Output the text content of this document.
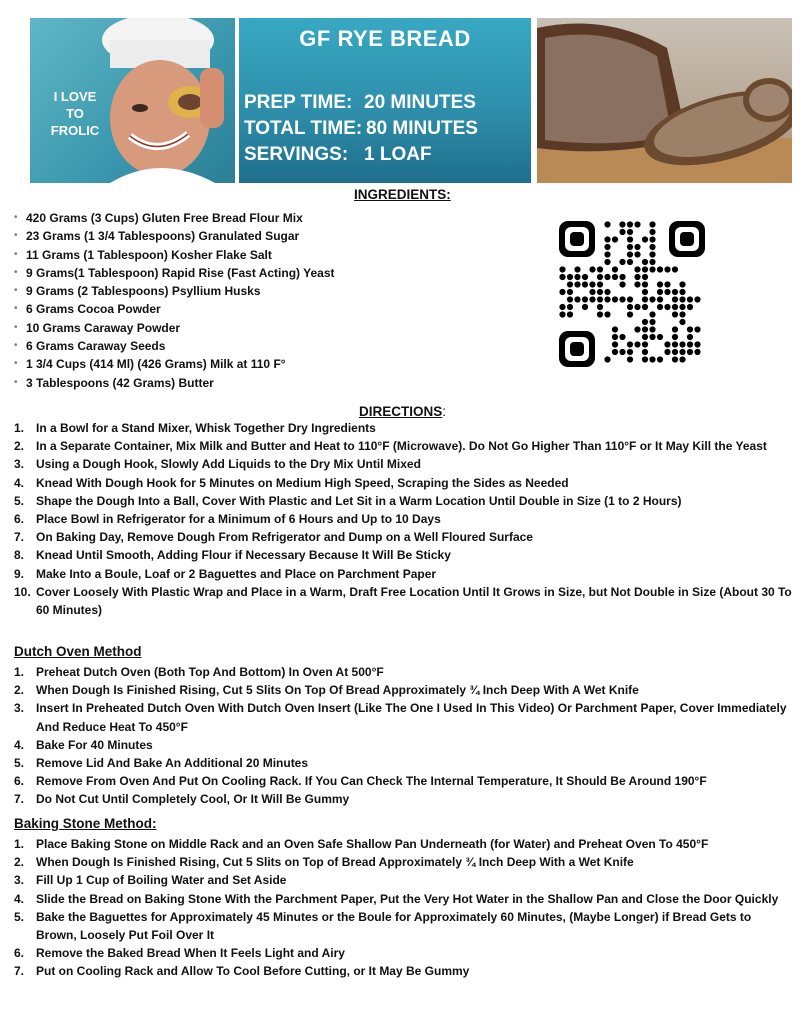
I LOVE
TO
FROLIC
GF RYE BREAD
PREP TIME: 20 MINUTES
TOTAL TIME: 80 MINUTES
SERVINGS: 1 LOAF
INGREDIENTS:
• 420 Grams (3 Cups) Gluten Free Bread Flour Mix
• 23 Grams (1 3/4 Tablespoons) Granulated Sugar
• 11 Grams (1 Tablespoon) Kosher Flake Salt
• 9 Grams(1 Tablespoon) Rapid Rise (Fast Acting) Yeast
• 9 Grams (2 Tablespoons) Psyllium Husks
• 6 Grams Cocoa Powder
• 10 Grams Caraway Powder
• 6 Grams Caraway Seeds
• 1 3/4 Cups (414 Ml) (426 Grams) Milk at 110 F°
• 3 Tablespoons (42 Grams) Butter
DIRECTIONS:
1. In a Bowl for a Stand Mixer, Whisk Together Dry Ingredients
2. In a Separate Container, Mix Milk and Butter and Heat to 110°F (Microwave). Do Not Go Higher Than 110°F or It May Kill the Yeast
3. Using a Dough Hook, Slowly Add Liquids to the Dry Mix Until Mixed
4. Knead With Dough Hook for 5 Minutes on Medium High Speed, Scraping the Sides as Needed
5. Shape the Dough Into a Ball, Cover With Plastic and Let Sit in a Warm Location Until Double in Size (1 to 2 Hours)
6. Place Bowl in Refrigerator for a Minimum of 6 Hours and Up to 10 Days
7. On Baking Day, Remove Dough From Refrigerator and Dump on a Well Floured Surface
8. Knead Until Smooth, Adding Flour if Necessary Because It Will Be Sticky
9. Make Into a Boule, Loaf or 2 Baguettes and Place on Parchment Paper
10. Cover Loosely With Plastic Wrap and Place in a Warm, Draft Free Location Until It Grows in Size, but Not Double in Size (About 30 To 60 Minutes)
Dutch Oven Method
1. Preheat Dutch Oven (Both Top And Bottom) In Oven At 500°F
2. When Dough Is Finished Rising, Cut 5 Slits On Top Of Bread Approximately ¾ Inch Deep With A Wet Knife
3. Insert In Preheated Dutch Oven With Dutch Oven Insert (Like The One I Used In This Video) Or Parchment Paper, Cover Immediately And Reduce Heat To 450°F
4. Bake For 40 Minutes
5. Remove Lid And Bake An Additional 20 Minutes
6. Remove From Oven And Put On Cooling Rack. If You Can Check The Internal Temperature, It Should Be Around 190°F
7. Do Not Cut Until Completely Cool, Or It Will Be Gummy
Baking Stone Method:
1. Place Baking Stone on Middle Rack and an Oven Safe Shallow Pan Underneath (for Water) and Preheat Oven To 450°F
2. When Dough Is Finished Rising, Cut 5 Slits on Top of Bread Approximately ¾ Inch Deep With a Wet Knife
3. Fill Up 1 Cup of Boiling Water and Set Aside
4. Slide the Bread on Baking Stone With the Parchment Paper, Put the Very Hot Water in the Shallow Pan and Close the Door Quickly
5. Bake the Baguettes for Approximately 45 Minutes or the Boule for Approximately 60 Minutes, (Maybe Longer) if Bread Gets to Brown, Loosely Put Foil Over It
6. Remove the Baked Bread When It Feels Light and Airy
7. Put on Cooling Rack and Allow To Cool Before Cutting, or It May Be Gummy
